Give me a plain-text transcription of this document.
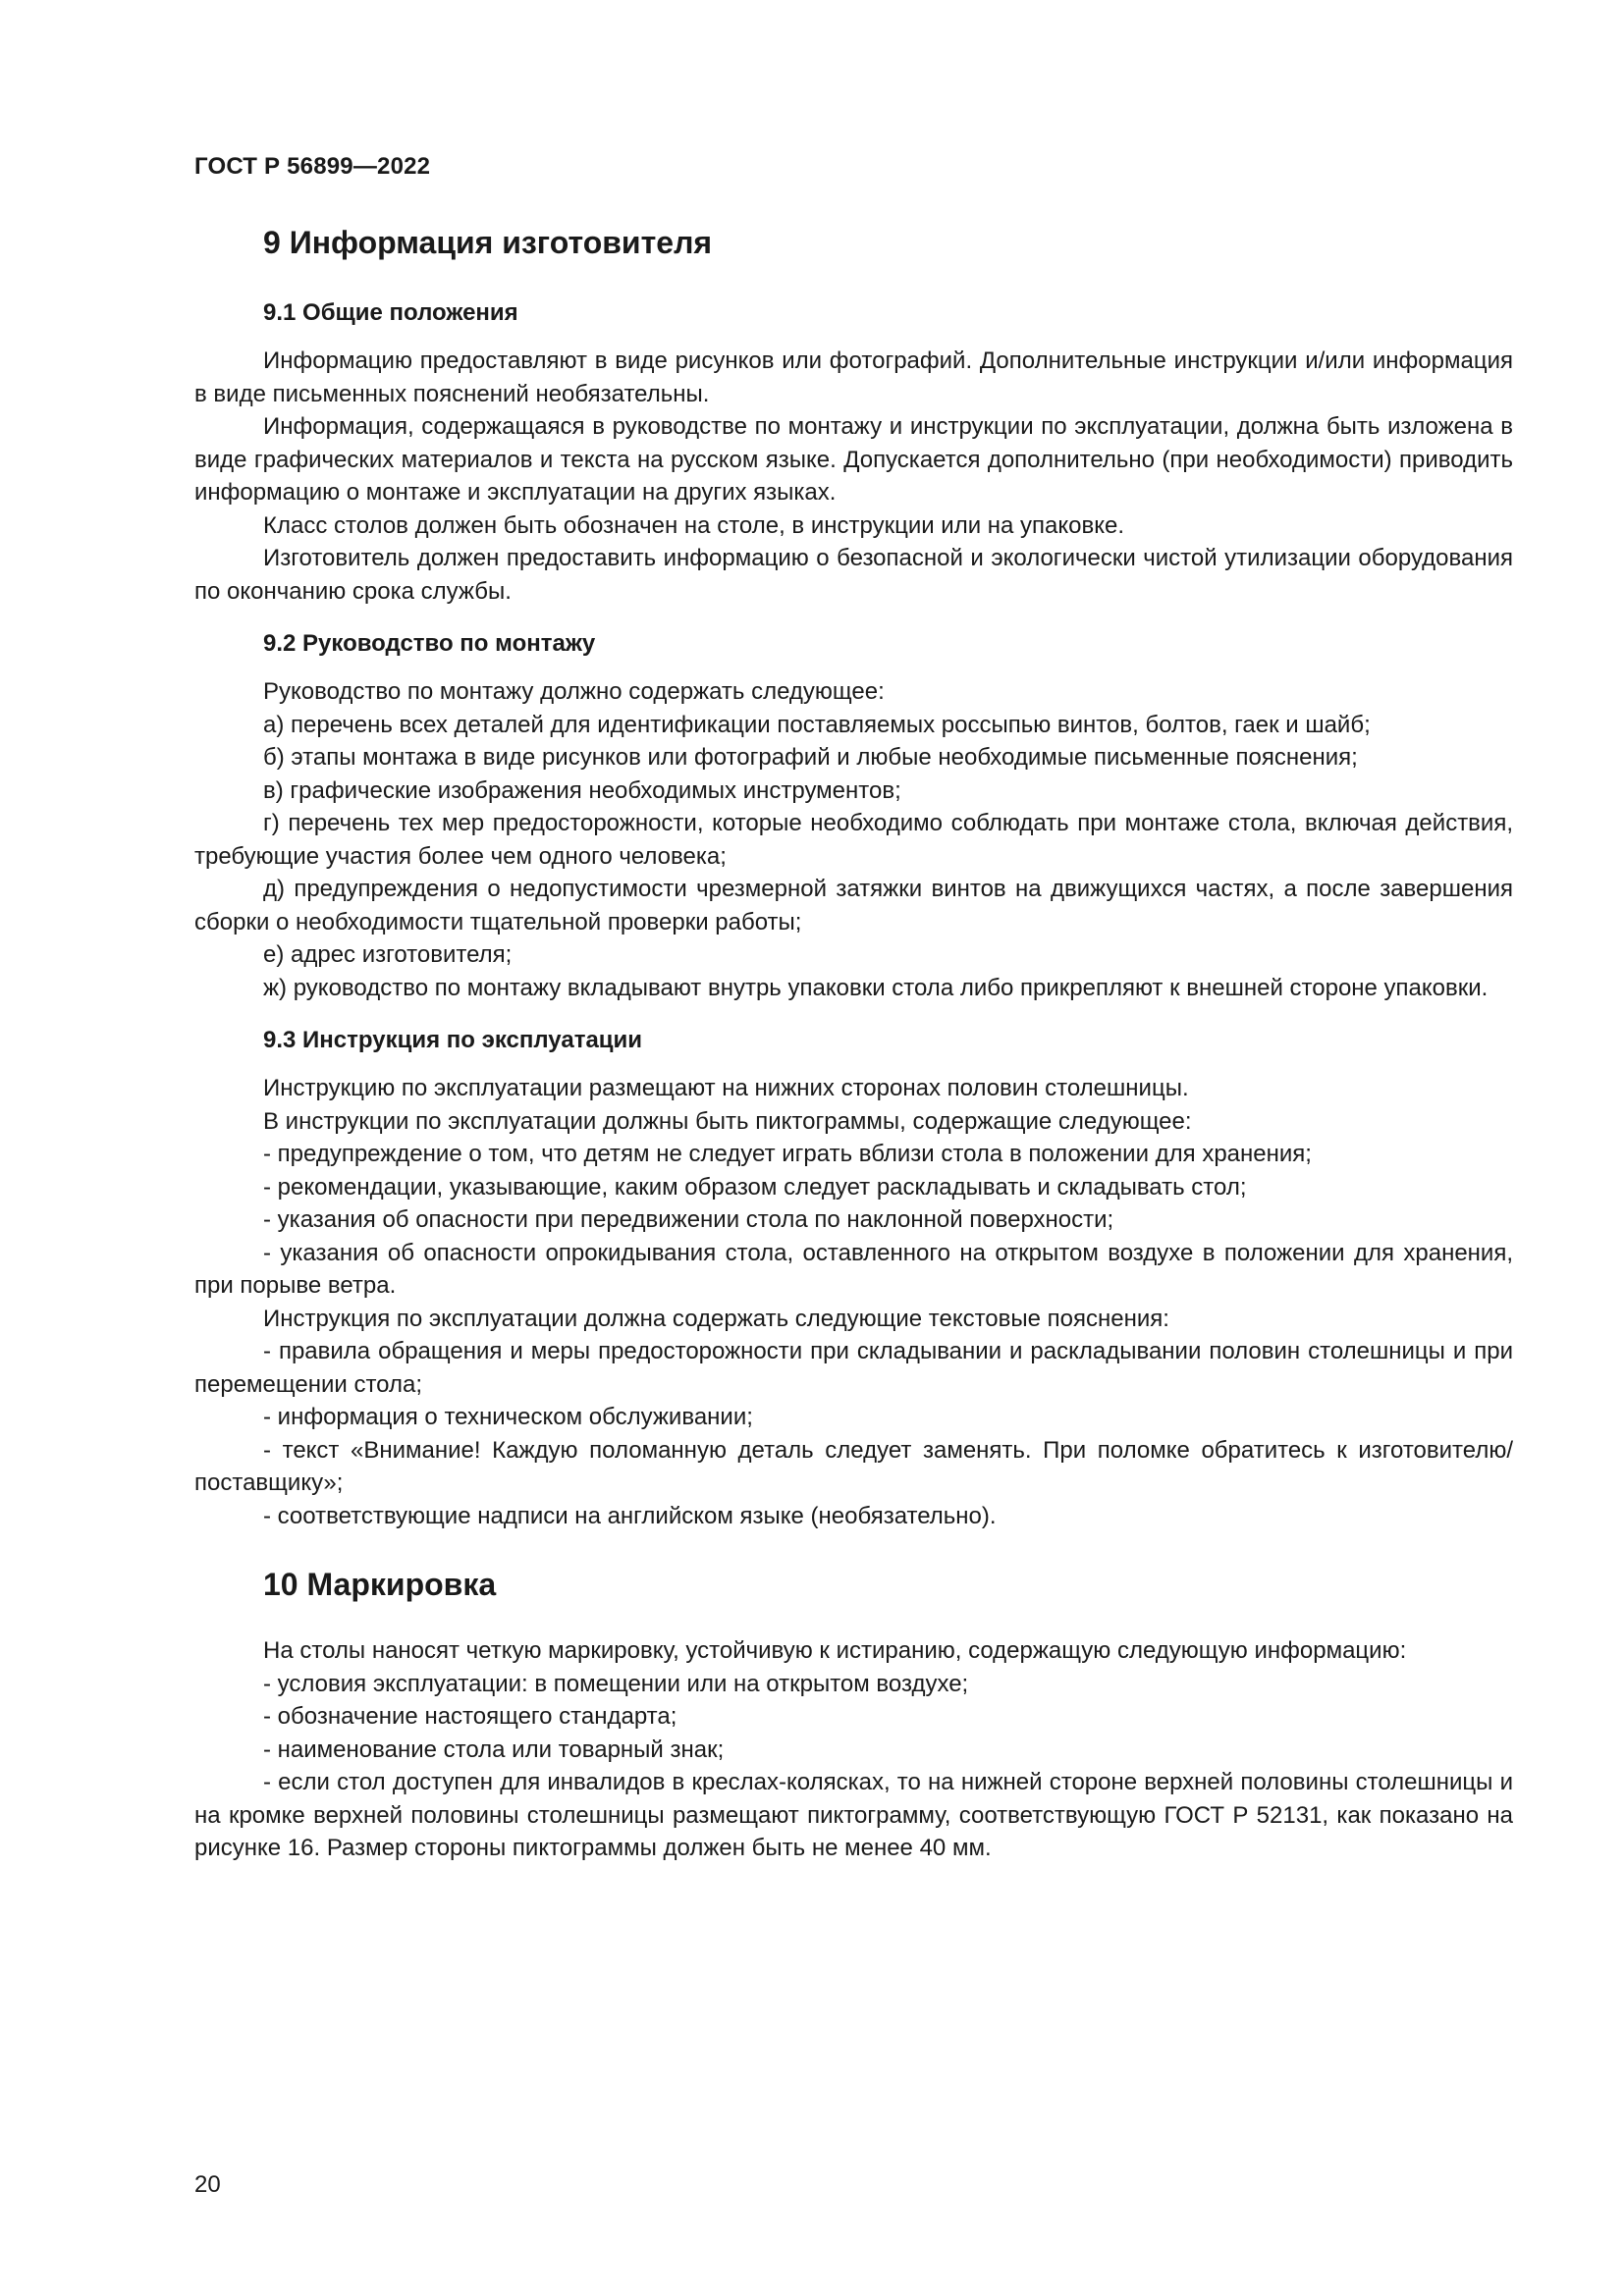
ГОСТ Р 56899—2022
9 Информация изготовителя
9.1 Общие положения

Информацию предоставляют в виде рисунков или фотографий. Дополнительные инструкции и/или информация в виде письменных пояснений необязательны.

Информация, содержащаяся в руководстве по монтажу и инструкции по эксплуатации, должна быть изложена в виде графических материалов и текста на русском языке. Допускается дополнительно (при необходимости) приводить информацию о монтаже и эксплуатации на других языках.

Класс столов должен быть обозначен на столе, в инструкции или на упаковке.

Изготовитель должен предоставить информацию о безопасной и экологически чистой утилизации оборудования по окончанию срока службы.

9.2 Руководство по монтажу

Руководство по монтажу должно содержать следующее:

а) перечень всех деталей для идентификации поставляемых россыпью винтов, болтов, гаек и шайб;

б) этапы монтажа в виде рисунков или фотографий и любые необходимые письменные пояснения;

в) графические изображения необходимых инструментов;

г) перечень тех мер предосторожности, которые необходимо соблюдать при монтаже стола, включая действия, требующие участия более чем одного человека;

д) предупреждения о недопустимости чрезмерной затяжки винтов на движущихся частях, а после завершения сборки о необходимости тщательной проверки работы;

е) адрес изготовителя;

ж) руководство по монтажу вкладывают внутрь упаковки стола либо прикрепляют к внешней стороне упаковки.

9.3 Инструкция по эксплуатации

Инструкцию по эксплуатации размещают на нижних сторонах половин столешницы.

В инструкции по эксплуатации должны быть пиктограммы, содержащие следующее:

- предупреждение о том, что детям не следует играть вблизи стола в положении для хранения;

- рекомендации, указывающие, каким образом следует раскладывать и складывать стол;

- указания об опасности при передвижении стола по наклонной поверхности;

- указания об опасности опрокидывания стола, оставленного на открытом воздухе в положении для хранения, при порыве ветра.

Инструкция по эксплуатации должна содержать следующие текстовые пояснения:

- правила обращения и меры предосторожности при складывании и раскладывании половин столешницы и при перемещении стола;

- информация о техническом обслуживании;

- текст «Внимание! Каждую поломанную деталь следует заменять. При поломке обратитесь к изготовителю/поставщику»;

- соответствующие надписи на английском языке (необязательно).

10 Маркировка

На столы наносят четкую маркировку, устойчивую к истиранию, содержащую следующую информацию:

- условия эксплуатации: в помещении или на открытом воздухе;

- обозначение настоящего стандарта;

- наименование стола или товарный знак;

- если стол доступен для инвалидов в креслах-колясках, то на нижней стороне верхней половины столешницы и на кромке верхней половины столешницы размещают пиктограмму, соответствующую ГОСТ Р 52131, как показано на рисунке 16. Размер стороны пиктограммы должен быть не менее 40 мм.

20
